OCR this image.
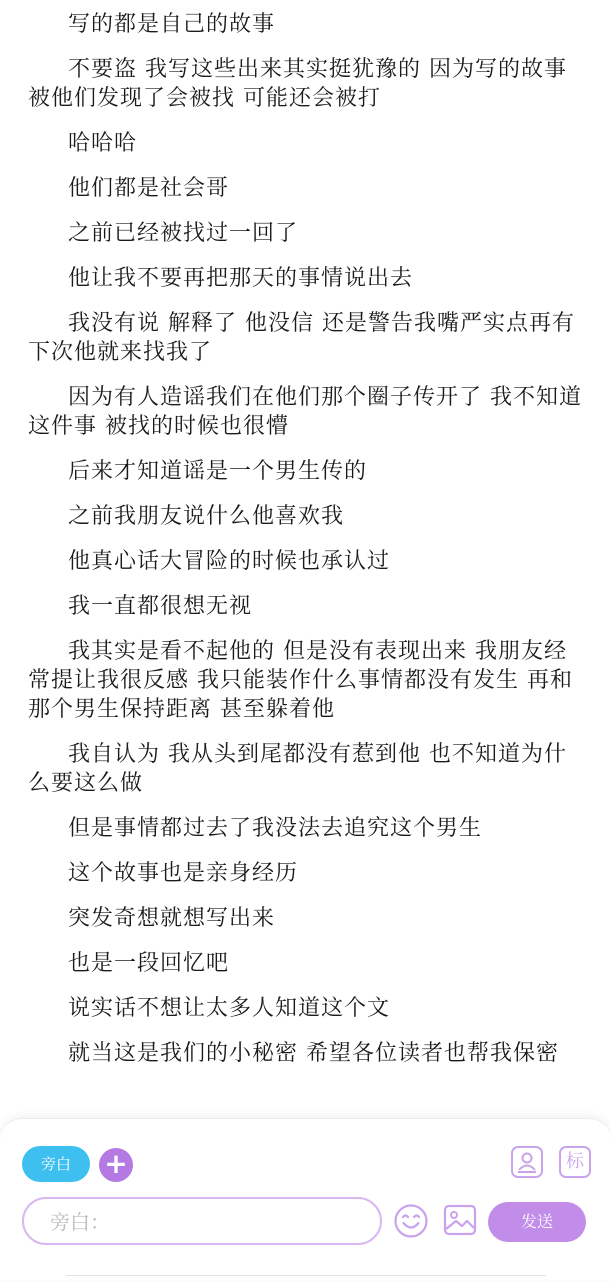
写的都是自己的故事

不要盗 我写这些出来其实挺犹豫的 因为写的故事被他们发现了会被找 可能还会被打

哈哈哈

他们都是社会哥

之前已经被找过一回了

他让我不要再把那天的事情说出去

我没有说 解释了 他没信 还是警告我嘴严实点再有下次他就来找我了

因为有人造谣我们在他们那个圈子传开了 我不知道这件事 被找的时候也很懵

后来才知道谣是一个男生传的

之前我朋友说什么他喜欢我

他真心话大冒险的时候也承认过

我一直都很想无视

我其实是看不起他的 但是没有表现出来 我朋友经常提让我很反感 我只能装作什么事情都没有发生 再和那个男生保持距离 甚至躲着他

我自认为 我从头到尾都没有惹到他 也不知道为什么要这么做

但是事情都过去了我没法去追究这个男生

这个故事也是亲身经历

突发奇想就想写出来

也是一段回忆吧

说实话不想让太多人知道这个文

就当这是我们的小秘密 希望各位读者也帮我保密

旁白	+	标
旁白：
发送
